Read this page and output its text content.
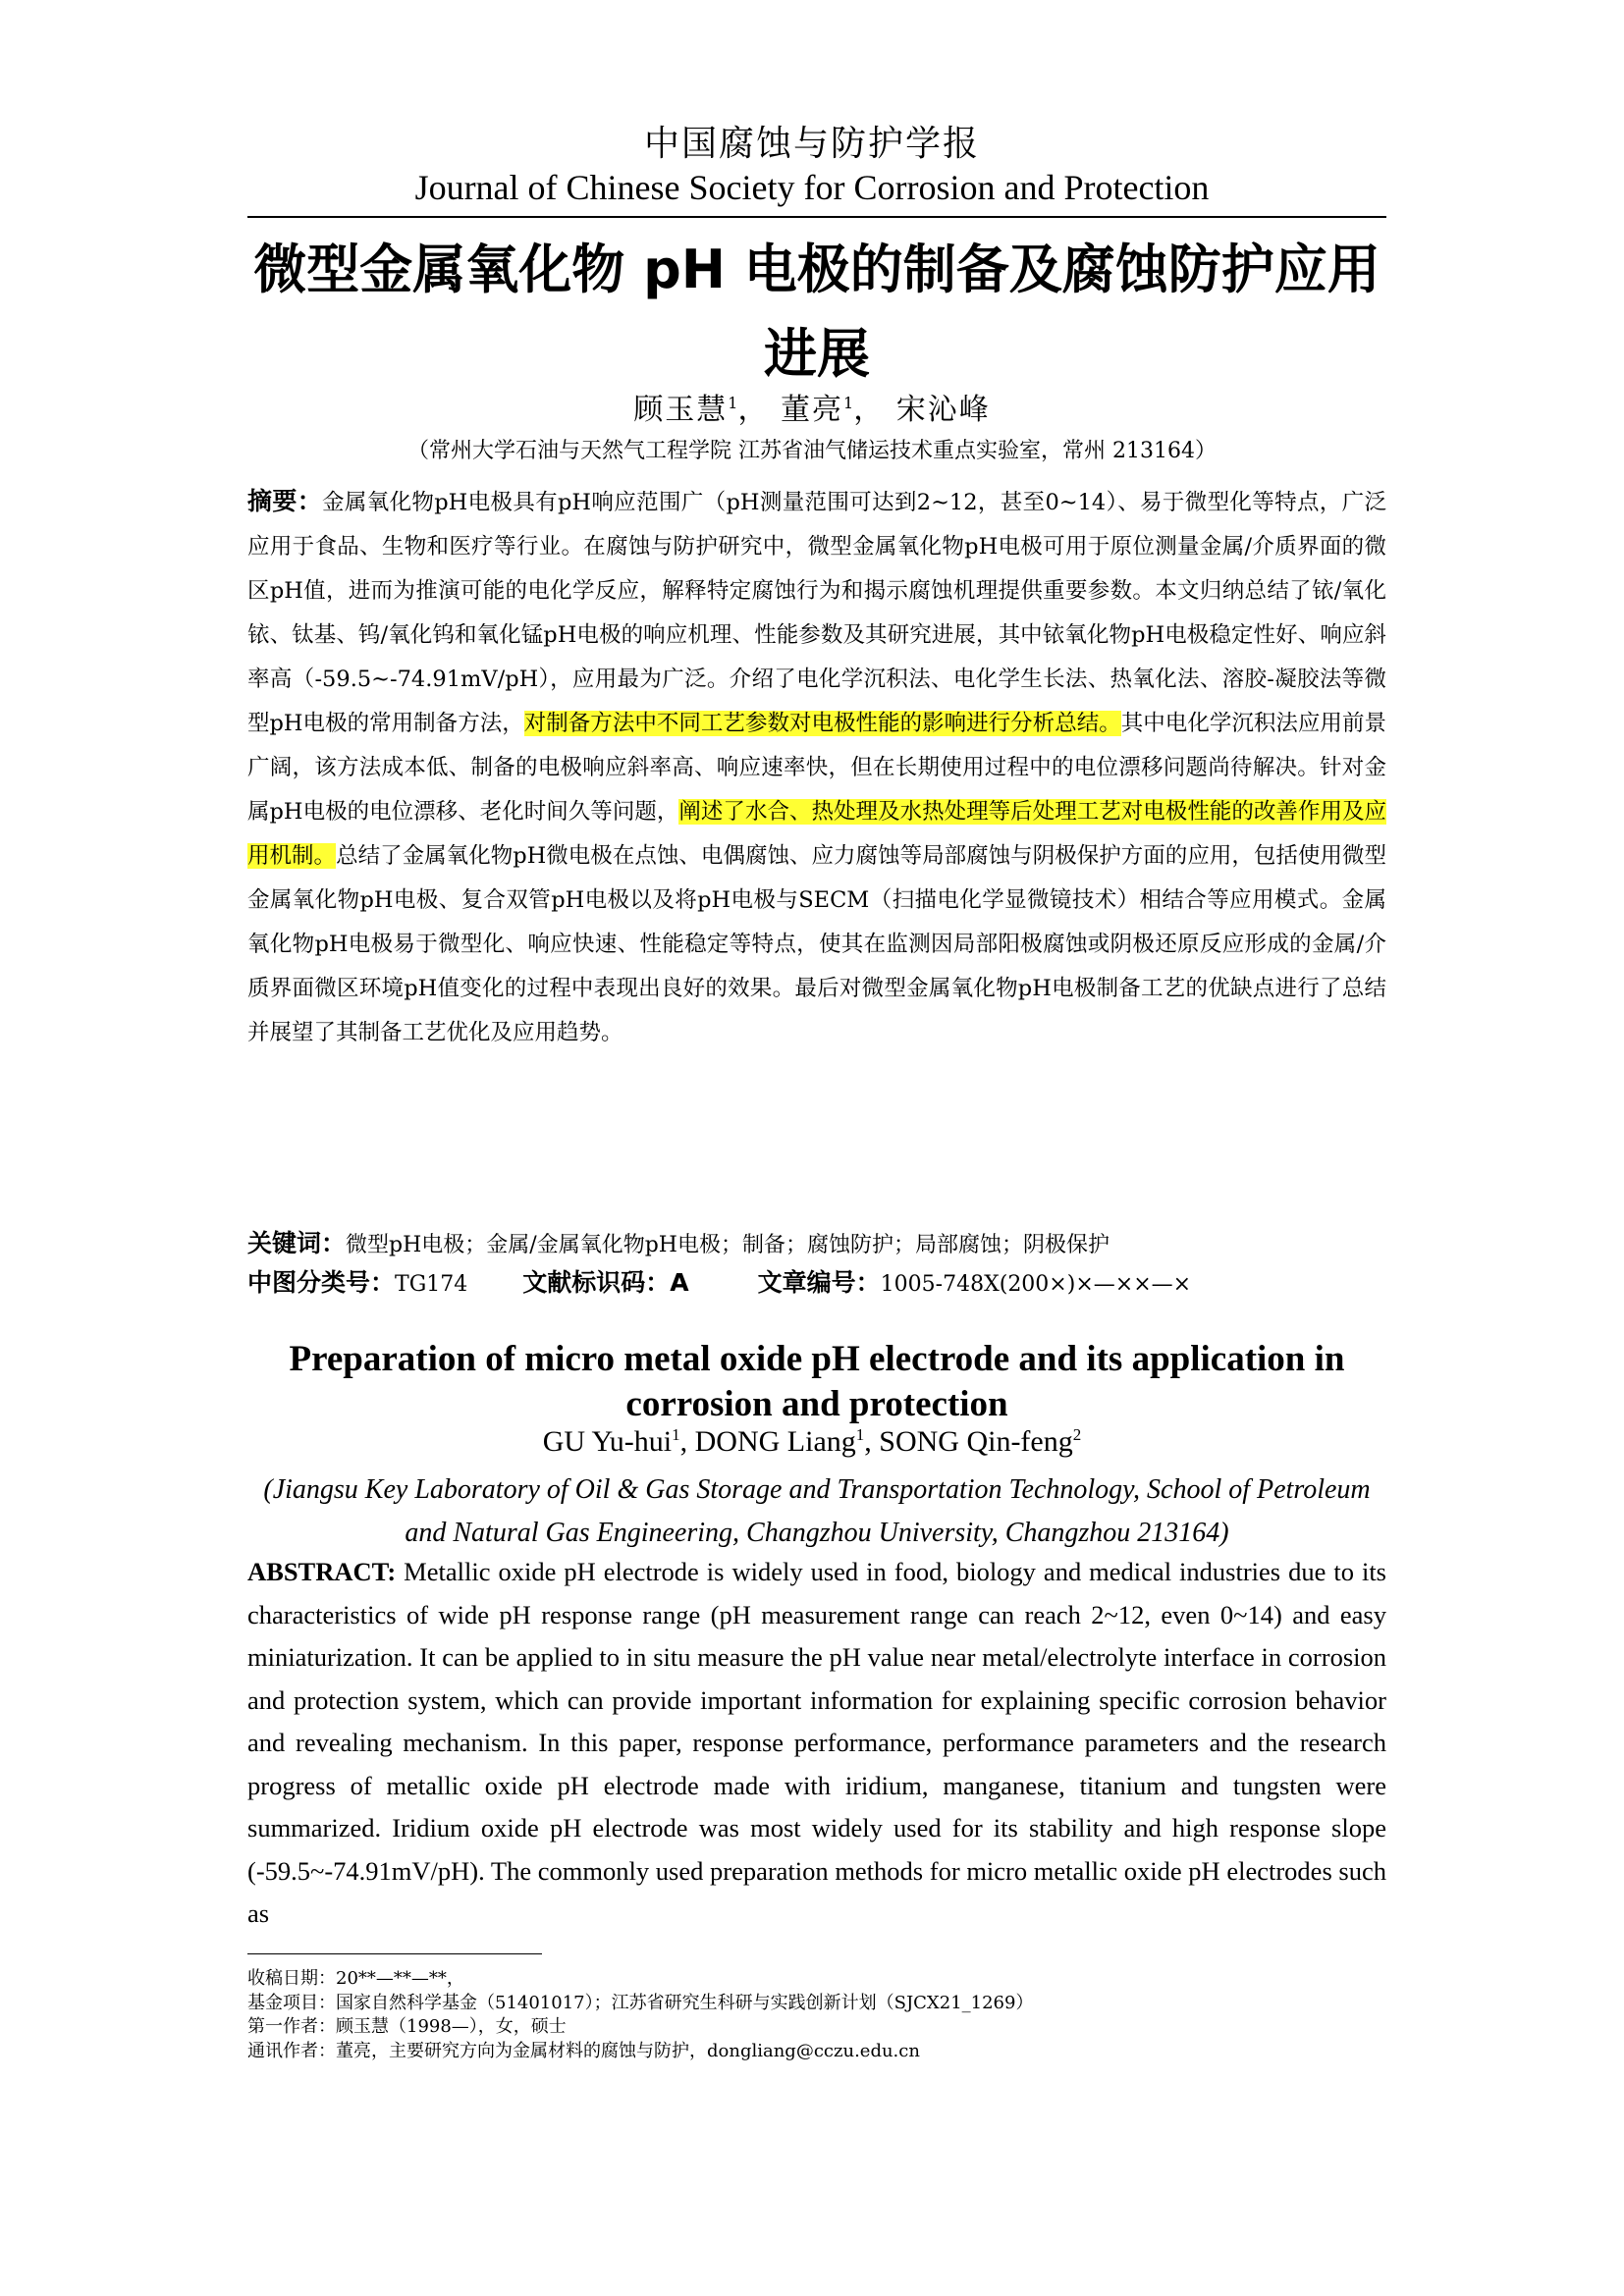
中国腐蚀与防护学报
Journal of Chinese Society for Corrosion and Protection
微型金属氧化物 pH 电极的制备及腐蚀防护应用进展
顾玉慧$^1$， 董亮$^1$， 宋沁峰
（常州大学石油与天然气工程学院 江苏省油气储运技术重点实验室，常州 213164）

摘要：金属氧化物pH电极具有pH响应范围广（pH测量范围可达到2~12，甚至0~14）、易于微型化等特点，广泛应用于食品、生物和医疗等行业。在腐蚀与防护研究中，微型金属氧化物pH电极可用于原位测量金属/介质界面的微区pH值，进而为推演可能的电化学反应，解释特定腐蚀行为和揭示腐蚀机理提供重要参数。本文归纳总结了铱/氧化铱、钛基、钨/氧化钨和氧化锰pH电极的响应机理、性能参数及其研究进展，其中铱氧化物pH电极稳定性好、响应斜率高（-59.5~-74.91mV/pH），应用最为广泛。介绍了电化学沉积法、电化学生长法、热氧化法、溶胶-凝胶法等微型pH电极的常用制备方法，对制备方法中不同工艺参数对电极性能的影响进行分析总结。其中电化学沉积法应用前景广阔，该方法成本低、制备的电极响应斜率高、响应速率快，但在长期使用过程中的电位漂移问题尚待解决。针对金属pH电极的电位漂移、老化时间久等问题，阐述了水合、热处理及水热处理等后处理工艺对电极性能的改善作用及应用机制。总结了金属氧化物pH微电极在点蚀、电偶腐蚀、应力腐蚀等局部腐蚀与阴极保护方面的应用，包括使用微型金属氧化物pH电极、复合双管pH电极以及将pH电极与SECM（扫描电化学显微镜技术）相结合等应用模式。金属氧化物pH电极易于微型化、响应快速、性能稳定等特点，使其在监测因局部阳极腐蚀或阴极还原反应形成的金属/介质界面微区环境pH值变化的过程中表现出良好的效果。最后对微型金属氧化物pH电极制备工艺的优缺点进行了总结并展望了其制备工艺优化及应用趋势。

关键词：微型pH电极；金属/金属氧化物pH电极；制备；腐蚀防护；局部腐蚀；阴极保护
中图分类号：TG174 文献标识码：A	文章编号：1005-748X(200×)×—××—×
Preparation of micro metal oxide pH electrode and its application in corrosion and protection
GU Yu-hui$^1$, DONG Liang$^1$, SONG Qin-feng$^2$
(Jiangsu Key Laboratory of Oil & Gas Storage and Transportation Technology, School of Petroleum and Natural Gas Engineering, Changzhou University, Changzhou 213164)

ABSTRACT: Metallic oxide pH electrode is widely used in food, biology and medical industries due to its characteristics of wide pH response range (pH measurement range can reach 2~12, even 0~14) and easy miniaturization. It can be applied to in situ measure the pH value near metal/electrolyte interface in corrosion and protection system, which can provide important information for explaining specific corrosion behavior and revealing mechanism. In this paper, response performance, performance parameters and the research progress of metallic oxide pH electrode made with iridium, manganese, titanium and tungsten were summarized. Iridium oxide pH electrode was most widely used for its stability and high response slope (-59.5~-74.91mV/pH). The commonly used preparation methods for micro metallic oxide pH electrodes such as

收稿日期：20**—**—**，
基金项目：国家自然科学基金（51401017）；江苏省研究生科研与实践创新计划（SJCX21_1269）
第一作者：顾玉慧（1998—），女，硕士
通讯作者：董亮，主要研究方向为金属材料的腐蚀与防护，dongliang@cczu.edu.cn
